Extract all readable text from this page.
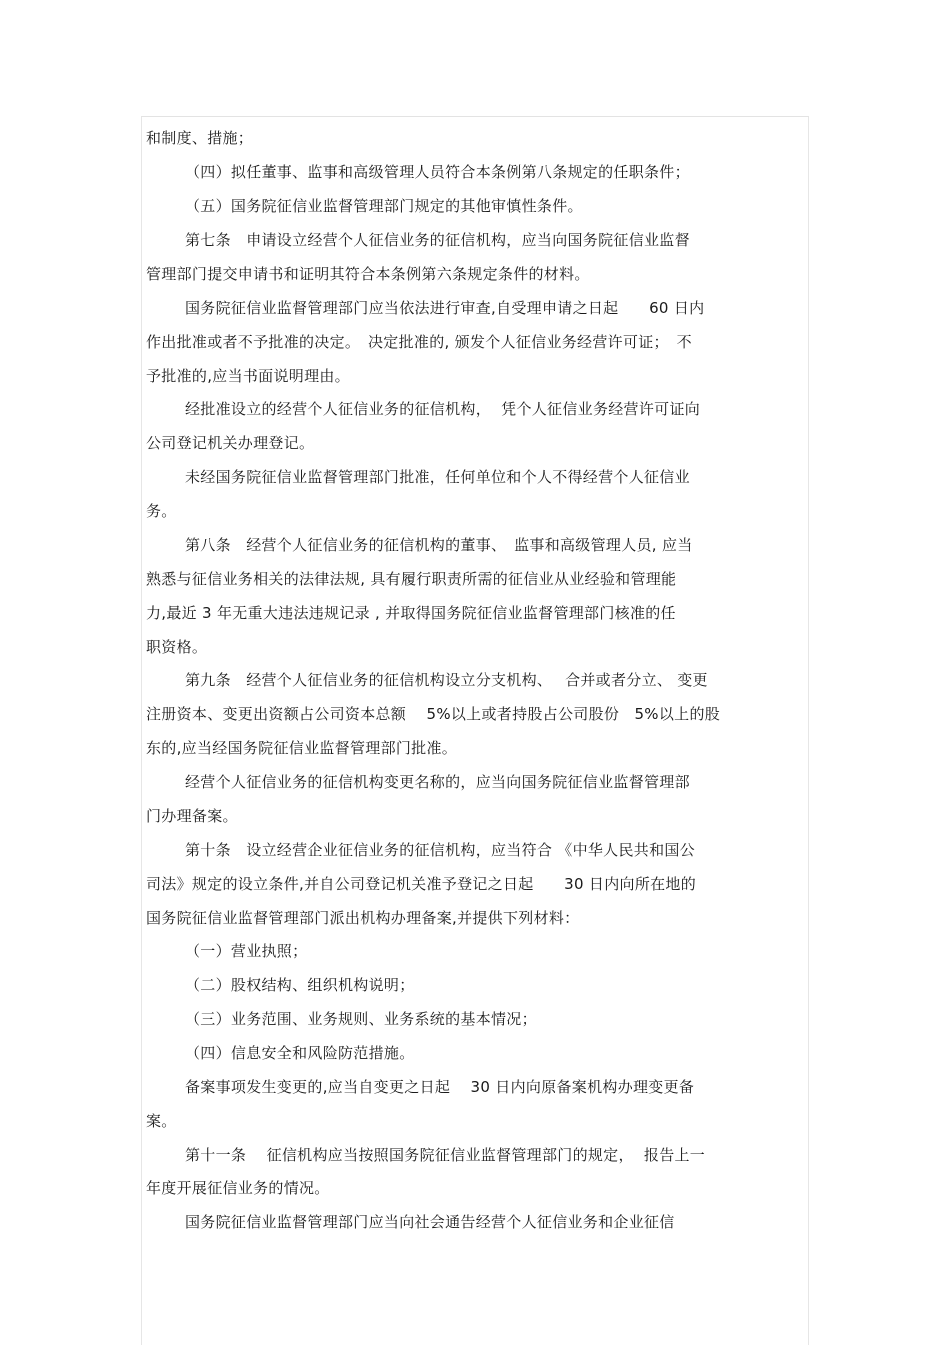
和制度、措施；
（四）拟任董事、监事和高级管理人员符合本条例第八条规定的任职条件；
（五）国务院征信业监督管理部门规定的其他审慎性条件。
第七条　申请设立经营个人征信业务的征信机构，应当向国务院征信业监督
管理部门提交申请书和证明其符合本条例第六条规定条件的材料。
国务院征信业监督管理部门应当依法进行审查,自受理申请之日起　　60 日内
作出批准或者不予批准的决定。　决定批准的, 颁发个人征信业务经营许可证；　不
予批准的,应当书面说明理由。
经批准设立的经营个人征信业务的征信机构，  凭个人征信业务经营许可证向
公司登记机关办理登记。
未经国务院征信业监督管理部门批准，任何单位和个人不得经营个人征信业
务。
第八条　经营个人征信业务的征信机构的董事、　监事和高级管理人员, 应当
熟悉与征信业务相关的法律法规, 具有履行职责所需的征信业从业经验和管理能
力,最近 3 年无重大违法违规记录 , 并取得国务院征信业监督管理部门核准的任
职资格。
第九条　经营个人征信业务的征信机构设立分支机构、　 合并或者分立、 变更
注册资本、变更出资额占公司资本总额　 5%以上或者持股占公司股份　5%以上的股
东的,应当经国务院征信业监督管理部门批准。
经营个人征信业务的征信机构变更名称的，应当向国务院征信业监督管理部
门办理备案。
第十条　设立经营企业征信业务的征信机构，应当符合 《中华人民共和国公
司法》规定的设立条件,并自公司登记机关准予登记之日起　　30 日内向所在地的
国务院征信业监督管理部门派出机构办理备案,并提供下列材料：
（一）营业执照；
（二）股权结构、组织机构说明；
（三）业务范围、业务规则、业务系统的基本情况；
（四）信息安全和风险防范措施。
备案事项发生变更的,应当自变更之日起　 30 日内向原备案机构办理变更备
案。
第十一条　 征信机构应当按照国务院征信业监督管理部门的规定，  报告上一
年度开展征信业务的情况。
国务院征信业监督管理部门应当向社会通告经营个人征信业务和企业征信
